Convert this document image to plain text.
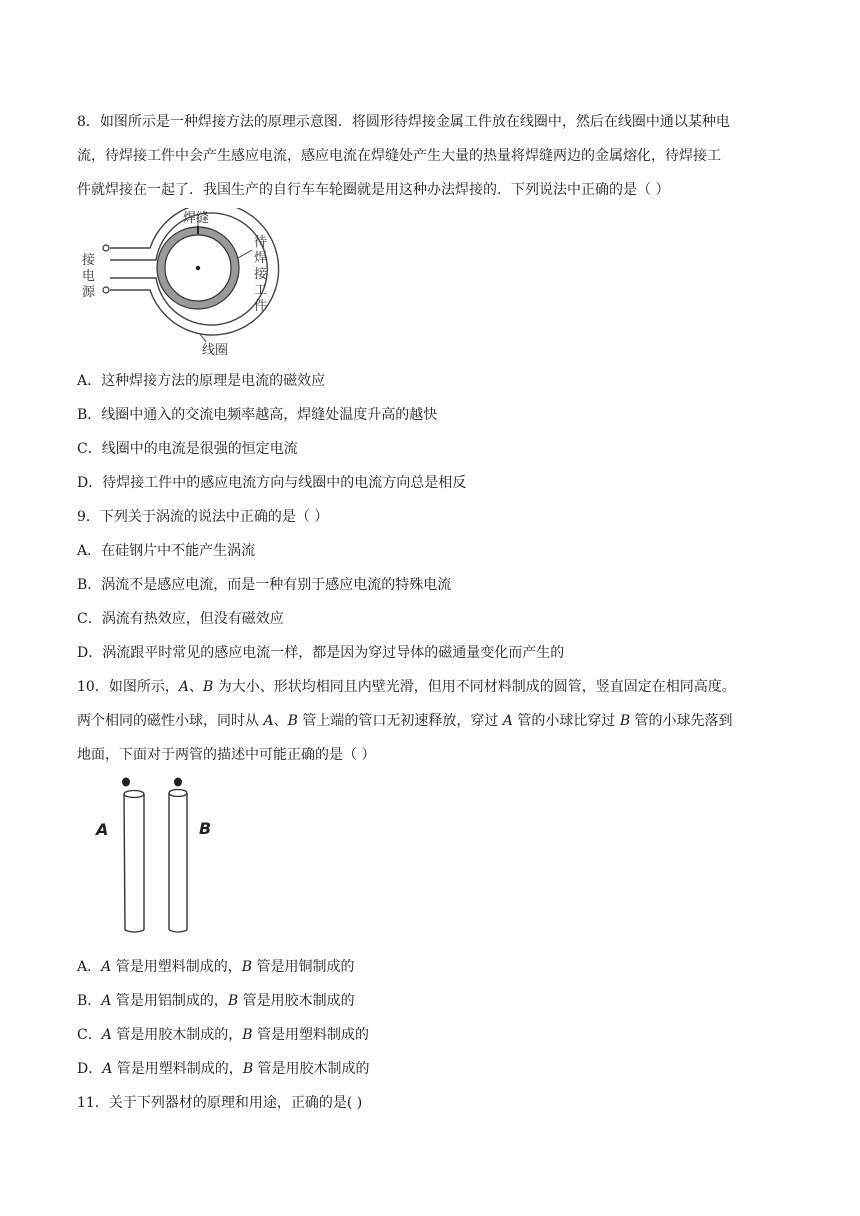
8．如图所示是一种焊接方法的原理示意图．将圆形待焊接金属工件放在线圈中，然后在线圈中通以某种电
流，待焊接工件中会产生感应电流，感应电流在焊缝处产生大量的热量将焊缝两边的金属熔化，待焊接工
件就焊接在一起了．我国生产的自行车车轮圈就是用这种办法焊接的．下列说法中正确的是（ ）
焊缝
接
电
源
待
焊
接
工
件
线圈
A．这种焊接方法的原理是电流的磁效应
B．线圈中通入的交流电频率越高，焊缝处温度升高的越快
C．线圈中的电流是很强的恒定电流
D．待焊接工件中的感应电流方向与线圈中的电流方向总是相反
9．下列关于涡流的说法中正确的是（ ）
A．在硅钢片中不能产生涡流
B．涡流不是感应电流，而是一种有别于感应电流的特殊电流
C．涡流有热效应，但没有磁效应
D．涡流跟平时常见的感应电流一样，都是因为穿过导体的磁通量变化而产生的
10．如图所示，A、B 为大小、形状均相同且内壁光滑，但用不同材料制成的圆管，竖直固定在相同高度。
两个相同的磁性小球，同时从 A、B 管上端的管口无初速释放，穿过 A 管的小球比穿过 B 管的小球先落到
地面，下面对于两管的描述中可能正确的是（ ）
A	B
A．A 管是用塑料制成的，B 管是用铜制成的
B．A 管是用铝制成的，B 管是用胶木制成的
C．A 管是用胶木制成的，B 管是用塑料制成的
D．A 管是用塑料制成的，B 管是用胶木制成的
11．关于下列器材的原理和用途，正确的是( )
